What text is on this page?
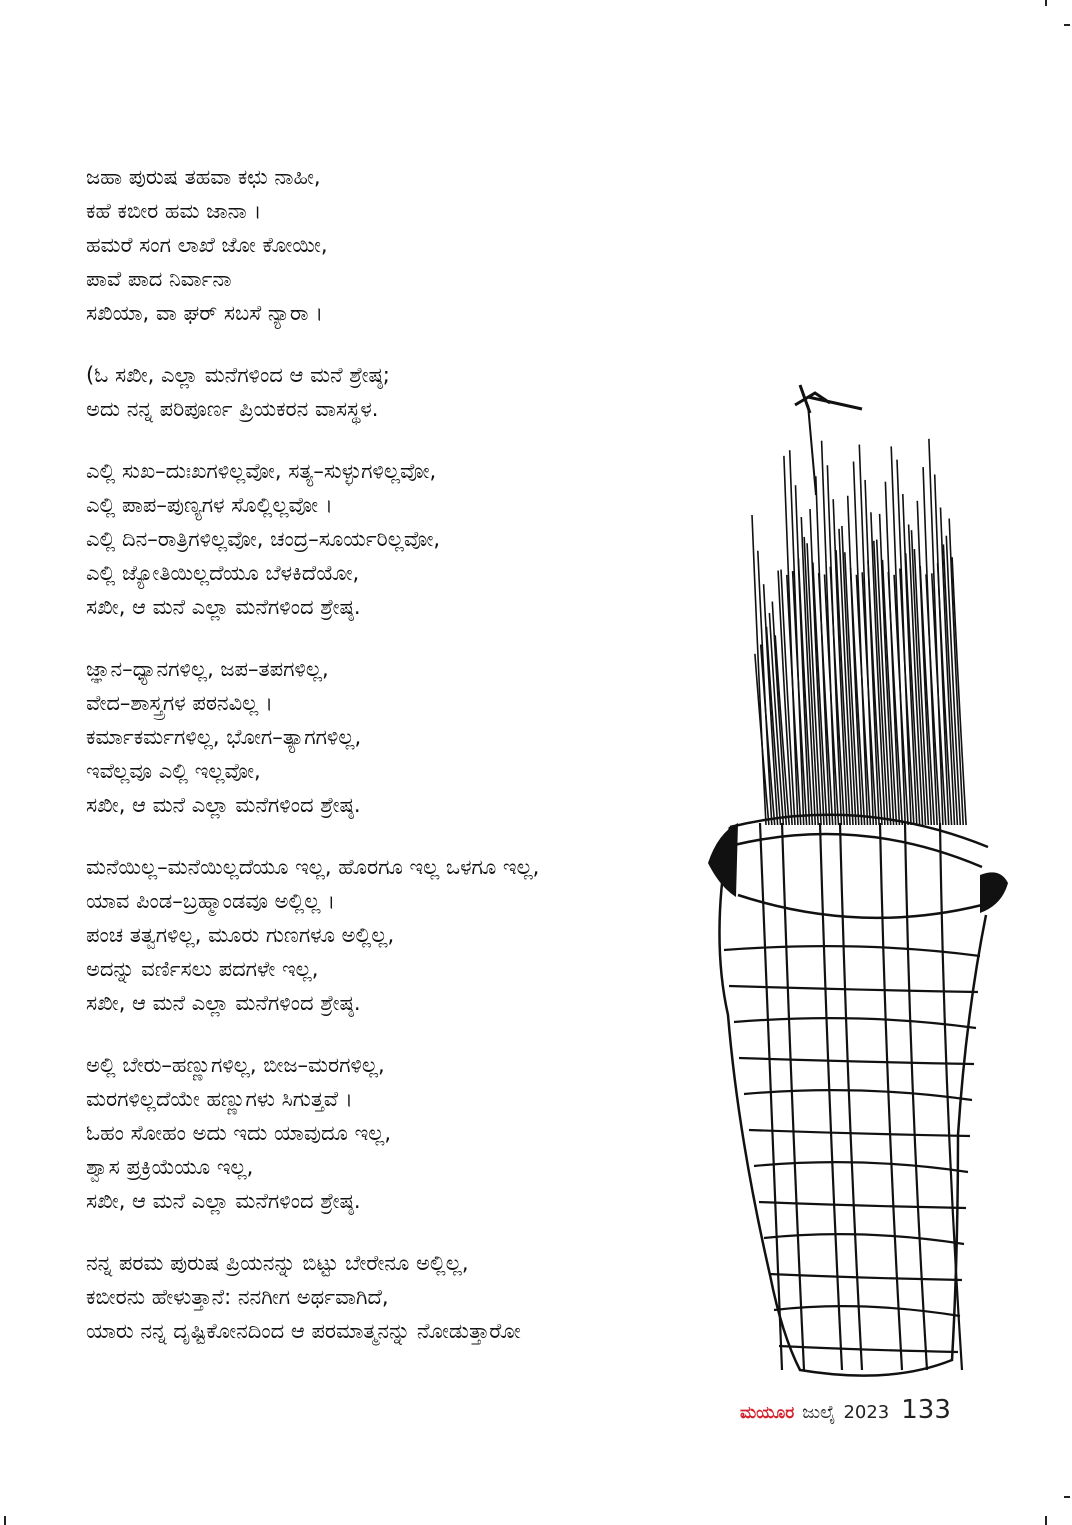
ಜಹಾ ಪುರುಷ ತಹವಾ ಕಛು ನಾಹೀ,
ಕಹೆ ಕಬೀರ ಹಮ ಜಾನಾ ।
ಹಮರೆ ಸಂಗ ಲಾಖೆ ಜೋ ಕೋಯೀ,
ಪಾವೆ ಪಾದ ನಿರ್ವಾನಾ
ಸಖಿಯಾ, ವಾ ಘರ್ ಸಬಸೆ ನ್ಯಾರಾ ।
(ಓ ಸಖೀ, ಎಲ್ಲಾ ಮನೆಗಳಿಂದ ಆ ಮನೆ ಶ್ರೇಷ್ಠ;
ಅದು ನನ್ನ ಪರಿಪೂರ್ಣ ಪ್ರಿಯಕರನ ವಾಸಸ್ಥಳ.
ಎಲ್ಲಿ ಸುಖ–ದುಃಖಗಳಿಲ್ಲವೋ, ಸತ್ಯ–ಸುಳ್ಳುಗಳಿಲ್ಲವೋ,
ಎಲ್ಲಿ ಪಾಪ–ಪುಣ್ಯಗಳ ಸೊಲ್ಲಿಲ್ಲವೋ ।
ಎಲ್ಲಿ ದಿನ–ರಾತ್ರಿಗಳಿಲ್ಲವೋ, ಚಂದ್ರ–ಸೂರ್ಯರಿಲ್ಲವೋ,
ಎಲ್ಲಿ ಜ್ಯೋತಿಯಿಲ್ಲದೆಯೂ ಬೆಳಕಿದೆಯೋ,
ಸಖೀ, ಆ ಮನೆ ಎಲ್ಲಾ ಮನೆಗಳಿಂದ ಶ್ರೇಷ್ಠ.
ಜ್ಞಾನ–ಧ್ಯಾನಗಳಿಲ್ಲ, ಜಪ–ತಪಗಳಿಲ್ಲ,
ವೇದ–ಶಾಸ್ತ್ರಗಳ ಪಠನವಿಲ್ಲ ।
ಕರ್ಮಾಕರ್ಮಗಳಿಲ್ಲ, ಭೋಗ–ತ್ಯಾಗಗಳಿಲ್ಲ,
ಇವೆಲ್ಲವೂ ಎಲ್ಲಿ ಇಲ್ಲವೋ,
ಸಖೀ, ಆ ಮನೆ ಎಲ್ಲಾ ಮನೆಗಳಿಂದ ಶ್ರೇಷ್ಠ.
ಮನೆಯಿಲ್ಲ–ಮನೆಯಿಲ್ಲದೆಯೂ ಇಲ್ಲ, ಹೊರಗೂ ಇಲ್ಲ ಒಳಗೂ ಇಲ್ಲ,
ಯಾವ ಪಿಂಡ–ಬ್ರಹ್ಮಾಂಡವೂ ಅಲ್ಲಿಲ್ಲ ।
ಪಂಚ ತತ್ವಗಳಿಲ್ಲ, ಮೂರು ಗುಣಗಳೂ ಅಲ್ಲಿಲ್ಲ,
ಅದನ್ನು ವರ್ಣಿಸಲು ಪದಗಳೇ ಇಲ್ಲ,
ಸಖೀ, ಆ ಮನೆ ಎಲ್ಲಾ ಮನೆಗಳಿಂದ ಶ್ರೇಷ್ಠ.
ಅಲ್ಲಿ ಬೇರು–ಹಣ್ಣುಗಳಿಲ್ಲ, ಬೀಜ–ಮರಗಳಿಲ್ಲ,
ಮರಗಳಿಲ್ಲದೆಯೇ ಹಣ್ಣುಗಳು ಸಿಗುತ್ತವೆ ।
ಓಹಂ ಸೋಹಂ ಅದು ಇದು ಯಾವುದೂ ಇಲ್ಲ,
ಶ್ವಾಸ ಪ್ರಕ್ರಿಯೆಯೂ ಇಲ್ಲ,
ಸಖೀ, ಆ ಮನೆ ಎಲ್ಲಾ ಮನೆಗಳಿಂದ ಶ್ರೇಷ್ಠ.
ನನ್ನ ಪರಮ ಪುರುಷ ಪ್ರಿಯನನ್ನು ಬಿಟ್ಟು ಬೇರೇನೂ ಅಲ್ಲಿಲ್ಲ,
ಕಬೀರನು ಹೇಳುತ್ತಾನೆ: ನನಗೀಗ ಅರ್ಥವಾಗಿದೆ,
ಯಾರು ನನ್ನ ದೃಷ್ಟಿಕೋನದಿಂದ ಆ ಪರಮಾತ್ಮನನ್ನು ನೋಡುತ್ತಾರೋ
ಮಯೂರ ಜುಲೈ 2023 133
